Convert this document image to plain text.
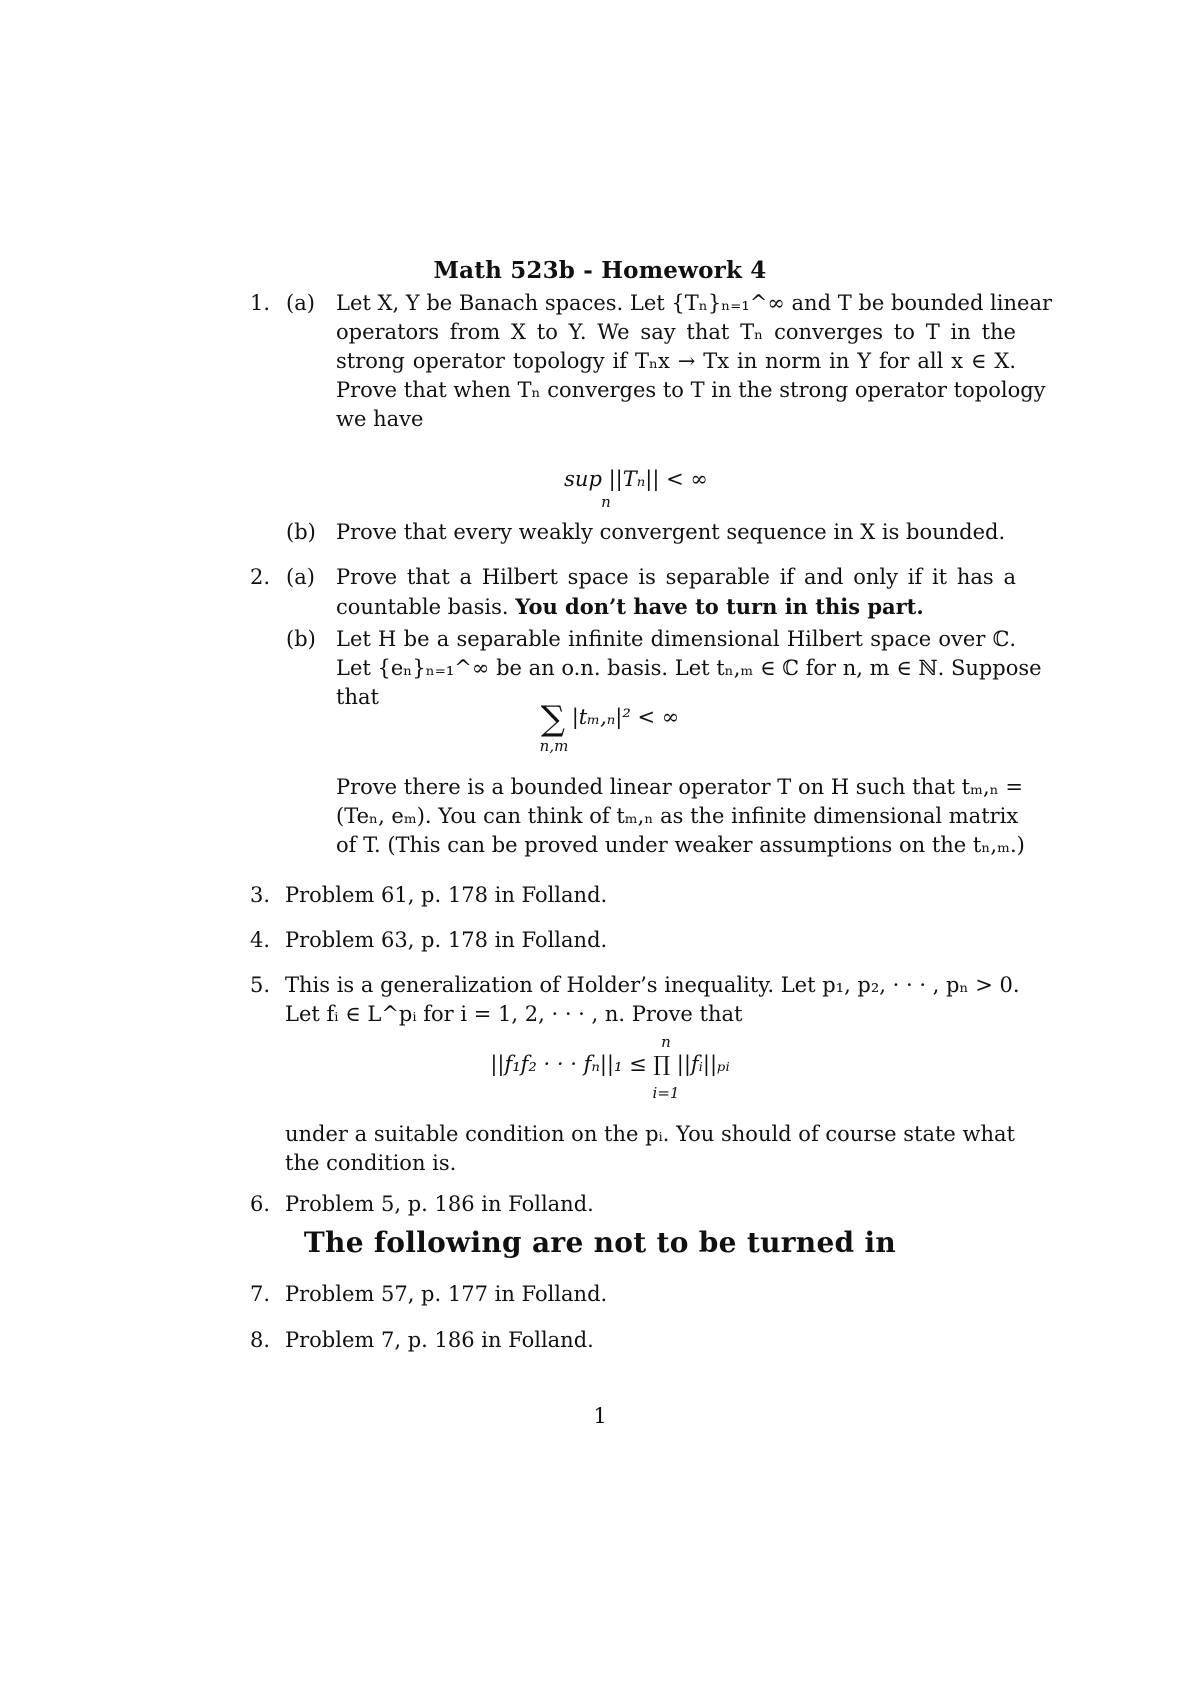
Math 523b - Homework 4
1. (a) Let X, Y be Banach spaces. Let {Tₙ}ₙ₌₁^∞ and T be bounded linear
operators from X to Y. We say that Tₙ converges to T in the
strong operator topology if Tₙx → Tx in norm in Y for all x ∈ X.
Prove that when Tₙ converges to T in the strong operator topology
we have
sup ||Tₙ|| < ∞
n
(b) Prove that every weakly convergent sequence in X is bounded.
2. (a) Prove that a Hilbert space is separable if and only if it has a
countable basis. You don’t have to turn in this part.
(b) Let H be a separable infinite dimensional Hilbert space over ℂ.
Let {eₙ}ₙ₌₁^∞ be an o.n. basis. Let tₙ,ₘ ∈ ℂ for n, m ∈ ℕ. Suppose
that
∑ |tₘ,ₙ|² < ∞
n,m
Prove there is a bounded linear operator T on H such that tₘ,ₙ =
(Teₙ, eₘ). You can think of tₘ,ₙ as the infinite dimensional matrix
of T. (This can be proved under weaker assumptions on the tₙ,ₘ.)
3. Problem 61, p. 178 in Folland.
4. Problem 63, p. 178 in Folland.
5. This is a generalization of Holder’s inequality. Let p₁, p₂, · · · , pₙ > 0.
Let fᵢ ∈ L^pᵢ for i = 1, 2, · · · , n. Prove that
n
||f₁f₂ · · · fₙ||₁ ≤ ∏ ||fᵢ||ₚᵢ
i=1
under a suitable condition on the pᵢ. You should of course state what
the condition is.
6. Problem 5, p. 186 in Folland.
The following are not to be turned in
7. Problem 57, p. 177 in Folland.
8. Problem 7, p. 186 in Folland.
1
